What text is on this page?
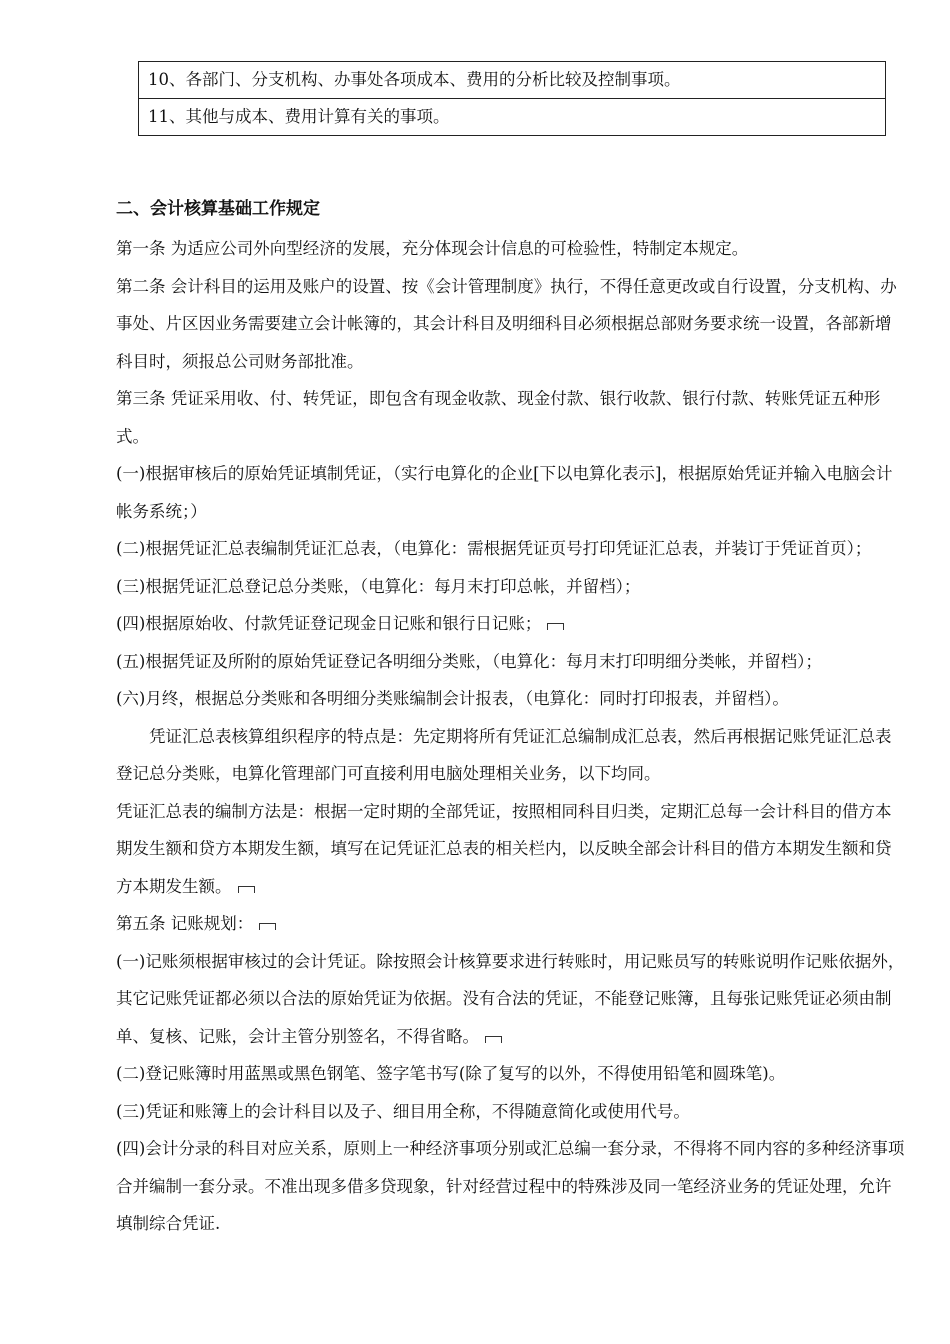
10、各部门、分支机构、办事处各项成本、费用的分析比较及控制事项。
11、其他与成本、费用计算有关的事项。
二、会计核算基础工作规定

第一条 为适应公司外向型经济的发展，充分体现会计信息的可检验性，特制定本规定。

第二条 会计科目的运用及账户的设置、按《会计管理制度》执行，不得任意更改或自行设置，分支机构、办事处、片区因业务需要建立会计帐簿的，其会计科目及明细科目必须根据总部财务要求统一设置，各部新增科目时，须报总公司财务部批准。

第三条 凭证采用收、付、转凭证，即包含有现金收款、现金付款、银行收款、银行付款、转账凭证五种形式。

(一)根据审核后的原始凭证填制凭证，（实行电算化的企业[下以电算化表示]，根据原始凭证并输入电脑会计帐务系统；）

(二)根据凭证汇总表编制凭证汇总表，（电算化：需根据凭证页号打印凭证汇总表，并装订于凭证首页）；

(三)根据凭证汇总登记总分类账，（电算化：每月末打印总帐，并留档）；

(四)根据原始收、付款凭证登记现金日记账和银行日记账；

(五)根据凭证及所附的原始凭证登记各明细分类账，（电算化：每月末打印明细分类帐，并留档）；

(六)月终，根据总分类账和各明细分类账编制会计报表，（电算化：同时打印报表，并留档）。

凭证汇总表核算组织程序的特点是：先定期将所有凭证汇总编制成汇总表，然后再根据记账凭证汇总表登记总分类账，电算化管理部门可直接利用电脑处理相关业务，以下均同。

凭证汇总表的编制方法是：根据一定时期的全部凭证，按照相同科目归类，定期汇总每一会计科目的借方本期发生额和贷方本期发生额，填写在记凭证汇总表的相关栏内，以反映全部会计科目的借方本期发生额和贷方本期发生额。

第五条 记账规划：

(一)记账须根据审核过的会计凭证。除按照会计核算要求进行转账时，用记账员写的转账说明作记账依据外，其它记账凭证都必须以合法的原始凭证为依据。没有合法的凭证，不能登记账簿，且每张记账凭证必须由制单、复核、记账，会计主管分别签名，不得省略。

(二)登记账簿时用蓝黑或黑色钢笔、签字笔书写(除了复写的以外，不得使用铅笔和圆珠笔)。

(三)凭证和账簿上的会计科目以及子、细目用全称，不得随意简化或使用代号。

(四)会计分录的科目对应关系，原则上一种经济事项分别或汇总编一套分录，不得将不同内容的多种经济事项合并编制一套分录。不准出现多借多贷现象，针对经营过程中的特殊涉及同一笔经济业务的凭证处理，允许填制综合凭证.
